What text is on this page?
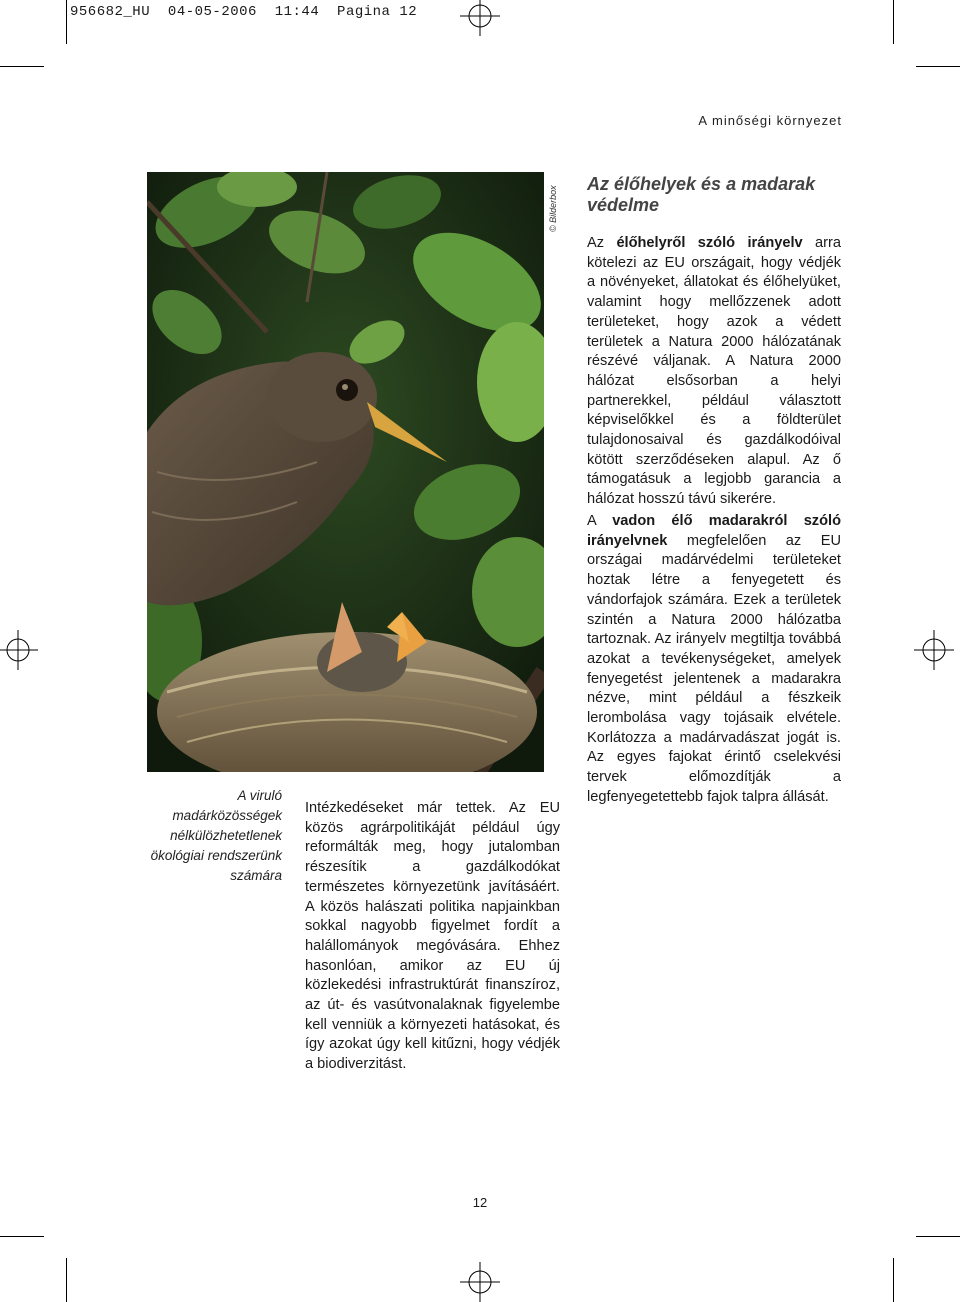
956682_HU  04-05-2006  11:44  Pagina 12
A minőségi környezet
© Bilderbox
Az élőhelyek és a madarak védelme
Az élőhelyről szóló irányelv arra kötelezi az EU országait, hogy védjék a növényeket, állatokat és élőhelyüket, valamint hogy mellőzzenek adott területeket, hogy azok a védett területek a Natura 2000 hálózatának részévé váljanak. A Natura 2000 hálózat elsősorban a helyi partnerekkel, például választott képviselőkkel és a földterület tulajdonosaival és gazdálkodóival kötött szerződéseken alapul. Az ő támogatásuk a legjobb garancia a hálózat hosszú távú sikerére.
A vadon élő madarakról szóló irányelvnek megfelelően az EU országai madárvédelmi területeket hoztak létre a fenyegetett és vándorfajok számára. Ezek a területek szintén a Natura 2000 hálózatba tartoznak. Az irányelv megtiltja továbbá azokat a tevékenységeket, amelyek fenyegetést jelentenek a madarakra nézve, mint például a fészkeik lerombolása vagy tojásaik elvétele. Korlátozza a madárvadászat jogát is. Az egyes fajokat érintő cselekvési tervek előmozdítják a legfenyegetettebb fajok talpra állását.
A viruló madárközösségek nélkülözhetetlenek ökológiai rendszerünk számára
Intézkedéseket már tettek. Az EU közös agrárpolitikáját például úgy reformálták meg, hogy jutalomban részesítik a gazdálkodókat természetes környezetünk javításáért. A közös halászati politika napjainkban sokkal nagyobb figyelmet fordít a halállományok megóvására. Ehhez hasonlóan, amikor az EU új közlekedési infrastruktúrát finanszíroz, az út- és vasútvonalaknak figyelembe kell venniük a környezeti hatásokat, és így azokat úgy kell kitűzni, hogy védjék a biodiverzitást.
12
